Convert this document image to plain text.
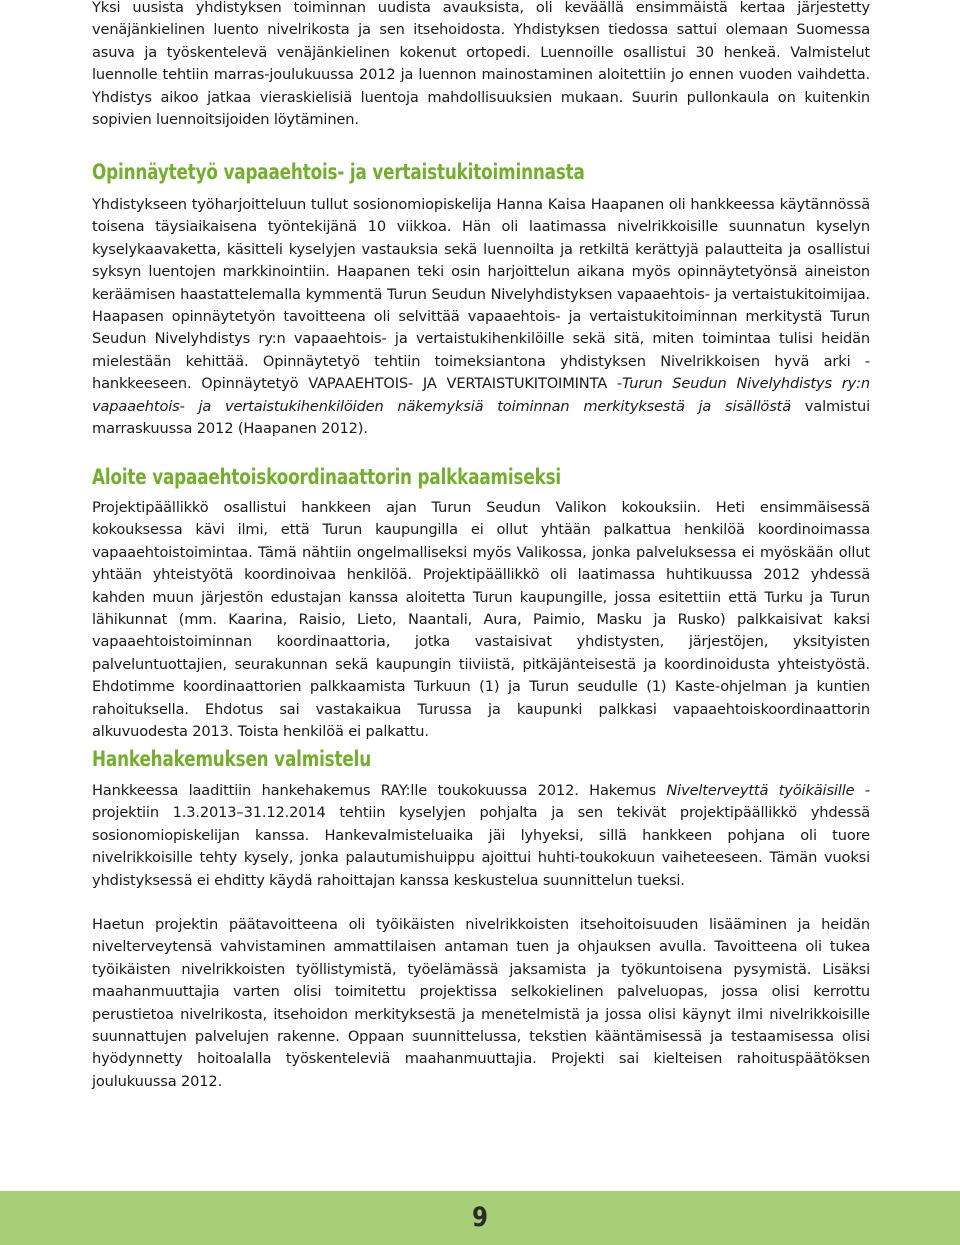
Yksi uusista yhdistyksen toiminnan uudista avauksista, oli keväällä ensimmäistä kertaa järjestetty venäjänkielinen luento nivelrikosta ja sen itsehoidosta. Yhdistyksen tiedossa sattui olemaan Suomessa asuva ja työskentelevä venäjänkielinen kokenut ortopedi. Luennoille osallistui 30 henkeä. Valmistelut luennolle tehtiin marras-joulukuussa 2012 ja luennon mainostaminen aloitettiin jo ennen vuoden vaihdetta. Yhdistys aikoo jatkaa vieraskielisiä luentoja mahdollisuuksien mukaan. Suurin pullonkaula on kuitenkin sopivien luennoitsijoiden löytäminen.

Opinnäytetyö vapaaehtois- ja vertaistukitoiminnasta

Yhdistykseen työharjoitteluun tullut sosionomiopiskelija Hanna Kaisa Haapanen oli hankkeessa käytännössä toisena täysiaikaisena työntekijänä 10 viikkoa. Hän oli laatimassa nivelrikkoisille suunnatun kyselyn kyselykaavaketta, käsitteli kyselyjen vastauksia sekä luennoilta ja retkiltä kerättyjä palautteita ja osallistui syksyn luentojen markkinointiin. Haapanen teki osin harjoittelun aikana myös opinnäytetyönsä aineiston keräämisen haastattelemalla kymmentä Turun Seudun Nivelyhdistyksen vapaaehtois- ja vertaistukitoimijaa. Haapasen opinnäytetyön tavoitteena oli selvittää vapaaehtois- ja vertaistukitoiminnan merkitystä Turun Seudun Nivelyhdistys ry:n vapaaehtois- ja vertaistukihenkilöille sekä sitä, miten toimintaa tulisi heidän mielestään kehittää. Opinnäytetyö tehtiin toimeksiantona yhdistyksen Nivelrikkoisen hyvä arki -hankkeeseen. Opinnäytetyö VAPAAEHTOIS- JA VERTAISTUKITOIMINTA -Turun Seudun Nivelyhdistys ry:n vapaaehtois- ja vertaistukihenkilöiden näkemyksiä toiminnan merkityksestä ja sisällöstä valmistui marraskuussa 2012 (Haapanen 2012).

Aloite vapaaehtoiskoordinaattorin palkkaamiseksi

Projektipäällikkö osallistui hankkeen ajan Turun Seudun Valikon kokouksiin. Heti ensimmäisessä kokouksessa kävi ilmi, että Turun kaupungilla ei ollut yhtään palkattua henkilöä koordinoimassa vapaaehtoistoimintaa. Tämä nähtiin ongelmalliseksi myös Valikossa, jonka palveluksessa ei myöskään ollut yhtään yhteistyötä koordinoivaa henkilöä. Projektipäällikkö oli laatimassa huhtikuussa 2012 yhdessä kahden muun järjestön edustajan kanssa aloitetta Turun kaupungille, jossa esitettiin että Turku ja Turun lähikunnat (mm. Kaarina, Raisio, Lieto, Naantali, Aura, Paimio, Masku ja Rusko) palkkaisivat kaksi vapaaehtoistoiminnan koordinaattoria, jotka vastaisivat yhdistysten, järjestöjen, yksityisten palveluntuottajien, seurakunnan sekä kaupungin tiiviistä, pitkäjänteisestä ja koordinoidusta yhteistyöstä. Ehdotimme koordinaattorien palkkaamista Turkuun (1) ja Turun seudulle (1) Kaste-ohjelman ja kuntien rahoituksella. Ehdotus sai vastakaikua Turussa ja kaupunki palkkasi vapaaehtoiskoordinaattorin alkuvuodesta 2013. Toista henkilöä ei palkattu.

Hankehakemuksen valmistelu

Hankkeessa laadittiin hankehakemus RAY:lle toukokuussa 2012. Hakemus Nivelterveyttä työikäisille -projektiin 1.3.2013–31.12.2014 tehtiin kyselyjen pohjalta ja sen tekivät projektipäällikkö yhdessä sosionomiopiskelijan kanssa. Hankevalmisteluaika jäi lyhyeksi, sillä hankkeen pohjana oli tuore nivelrikkoisille tehty kysely, jonka palautumishuippu ajoittui huhti-toukokuun vaiheteeseen. Tämän vuoksi yhdistyksessä ei ehditty käydä rahoittajan kanssa keskustelua suunnittelun tueksi.

Haetun projektin päätavoitteena oli työikäisten nivelrikkoisten itsehoitoisuuden lisääminen ja heidän nivelterveytensä vahvistaminen ammattilaisen antaman tuen ja ohjauksen avulla. Tavoitteena oli tukea työikäisten nivelrikkoisten työllistymistä, työelämässä jaksamista ja työkuntoisena pysymistä. Lisäksi maahanmuuttajia varten olisi toimitettu projektissa selkokielinen palveluopas, jossa olisi kerrottu perustietoa nivelrikosta, itsehoidon merkityksestä ja menetelmistä ja jossa olisi käynyt ilmi nivelrikkoisille suunnattujen palvelujen rakenne. Oppaan suunnittelussa, tekstien kääntämisessä ja testaamisessa olisi hyödynnetty hoitoalalla työskenteleviä maahanmuuttajia. Projekti sai kielteisen rahoituspäätöksen joulukuussa 2012.

9
